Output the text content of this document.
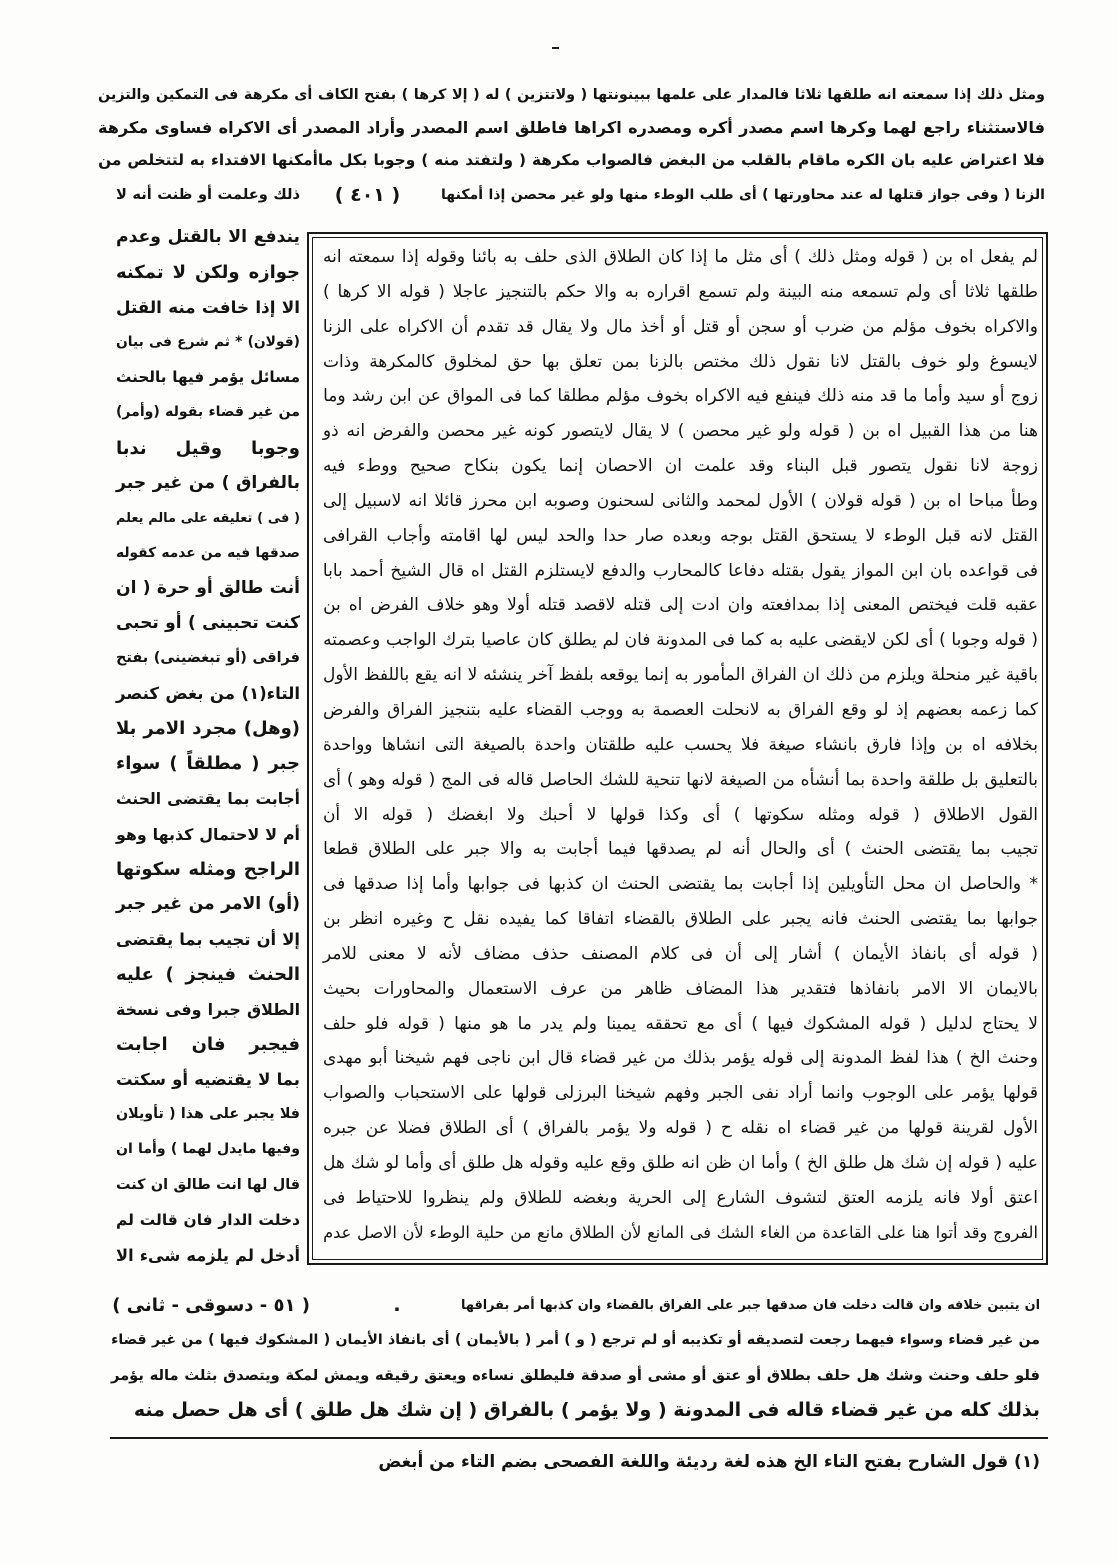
ومثل ذلك إذا سمعته انه طلقها ثلاثا فالمدار على علمها ببينونتها ( ولاتتزين ) له ( إلا كرها ) بفتح الكاف أى مكرهة فى التمكين والتزين
فالاستثناء راجع لهما وكرها اسم مصدر أكره ومصدره اكراها فاطلق اسم المصدر وأراد المصدر أى الاكراه فساوى مكرهة
فلا اعتراض عليه بان الكره ماقام بالقلب من البغض فالصواب مكرهة ( ولتفتد منه ) وجوبا بكل ماأمكنها الافتداء به لتتخلص من
الزنا ( وفى جواز قتلها له عند محاورتها ) أى طلب الوطء منها ولو غير محصن إذا أمكنها
( ٤٠١ )
ذلك وعلمت أو ظنت أنه لا
يندفع الا بالقتل وعدم
جوازه ولكن لا تمكنه
الا إذا خافت منه القتل
(قولان) * ثم شرع فى بيان
مسائل يؤمر فيها بالحنث
من غير قضاء بقوله (وأمر)
وجوبا وقيل ندبا
بالفراق ) من غير جبر
( فى ) تعليقه على مالم يعلم
صدقها فيه من عدمه كقوله
أنت طالق أو حرة ( ان
كنت تحبينى ) أو تحبى
فراقى (أو تبغضينى) بفتح
التاء(١) من بغض كنصر
(وهل) مجرد الامر بلا
جبر ( مطلقاً ) سواء
أجابت بما يقتضى الحنث
أم لا لاحتمال كذبها وهو
الراجح ومثله سكوتها
(أو) الامر من غير جبر
إلا أن تجيب بما يقتضى
الحنث فينجز ) عليه
الطلاق جبرا وفى نسخة
فيجبر فان اجابت
بما لا يقتضيه أو سكتت
فلا يجبر على هذا ( تأويلان
وفيها مايدل لهما ) وأما ان
قال لها انت طالق ان كنت
دخلت الدار فان قالت لم
أدخل لم يلزمه شىء الا
لم يفعل اه بن ( قوله ومثل ذلك ) أى مثل ما إذا كان الطلاق الذى حلف به بائنا وقوله إذا سمعته انه
طلقها ثلاثا أى ولم تسمعه منه البينة ولم تسمع اقراره به والا حكم بالتنجيز عاجلا ( قوله الا كرها )
والاكراه بخوف مؤلم من ضرب أو سجن أو قتل أو أخذ مال ولا يقال قد تقدم أن الاكراه على الزنا
لايسوغ ولو خوف بالقتل لانا نقول ذلك مختص بالزنا بمن تعلق بها حق لمخلوق كالمكرهة وذات
زوج أو سيد وأما ما قد منه ذلك فينفع فيه الاكراه بخوف مؤلم مطلقا كما فى المواق عن ابن رشد وما
هنا من هذا القبيل اه بن ( قوله ولو غير محصن ) لا يقال لايتصور كونه غير محصن والفرض انه ذو
زوجة لانا نقول يتصور قبل البناء وقد علمت ان الاحصان إنما يكون بنكاح صحيح ووطء فيه
وطأ مباحا اه بن ( قوله قولان ) الأول لمحمد والثانى لسحنون وصوبه ابن محرز قائلا انه لاسبيل إلى
القتل لانه قبل الوطء لا يستحق القتل بوجه وبعده صار حدا والحد ليس لها اقامته وأجاب القرافى
فى قواعده بان ابن المواز يقول بقتله دفاعا كالمحارب والدفع لايستلزم القتل اه قال الشيخ أحمد بابا
عقبه قلت فيختص المعنى إذا بمدافعته وان ادت إلى قتله لاقصد قتله أولا وهو خلاف الفرض اه بن
( قوله وجوبا ) أى لكن لايقضى عليه به كما فى المدونة فان لم يطلق كان عاصيا بترك الواجب وعصمته
باقية غير منحلة ويلزم من ذلك ان الفراق المأمور به إنما يوقعه بلفظ آخر ينشئه لا انه يقع باللفظ الأول
كما زعمه بعضهم إذ لو وقع الفراق به لانحلت العصمة به ووجب القضاء عليه بتنجيز الفراق والفرض
بخلافه اه بن وإذا فارق بانشاء صيغة فلا يحسب عليه طلقتان واحدة بالصيغة التى انشاها وواحدة
بالتعليق بل طلقة واحدة بما أنشأه من الصيغة لانها تنحية للشك الحاصل قاله فى المج ( قوله وهو ) أى
القول الاطلاق ( قوله ومثله سكوتها ) أى وكذا قولها لا أحبك ولا ابغضك ( قوله الا أن
تجيب بما يقتضى الحنث ) أى والحال أنه لم يصدقها فيما أجابت به والا جبر على الطلاق قطعا
* والحاصل ان محل التأويلين إذا أجابت بما يقتضى الحنث ان كذبها فى جوابها وأما إذا صدقها فى
جوابها بما يقتضى الحنث فانه يجبر على الطلاق بالقضاء اتفاقا كما يفيده نقل ح وغيره انظر بن
( قوله أى بانفاذ الأيمان ) أشار إلى أن فى كلام المصنف حذف مضاف لأنه لا معنى للامر
بالايمان الا الامر بانفاذها فتقدير هذا المضاف ظاهر من عرف الاستعمال والمحاورات بحيث
لا يحتاج لدليل ( قوله المشكوك فيها ) أى مع تحققه يمينا ولم يدر ما هو منها ( قوله فلو حلف
وحنث الخ ) هذا لفظ المدونة إلى قوله يؤمر بذلك من غير قضاء قال ابن ناجى فهم شيخنا أبو مهدى
قولها يؤمر على الوجوب وانما أراد نفى الجبر وفهم شيخنا البرزلى قولها على الاستحباب والصواب
الأول لقرينة قولها من غير قضاء اه نقله ح ( قوله ولا يؤمر بالفراق ) أى الطلاق فضلا عن جبره
عليه ( قوله إن شك هل طلق الخ ) وأما ان ظن انه طلق وقع عليه وقوله هل طلق أى وأما لو شك هل
اعتق أولا فانه يلزمه العتق لتشوف الشارع إلى الحرية وبغضه للطلاق ولم ينظروا للاحتياط فى
الفروج وقد أتوا هنا على القاعدة من الغاء الشك فى المانع لأن الطلاق مانع من حلية الوطء لأن الاصل عدم
( ٥١ - دسوقى - ثانى )	.	ان يتبين خلافه وان قالت دخلت فان صدقها جبر على الفراق بالقضاء وان كذبها أمر بفراقها
من غير قضاء وسواء فيهما رجعت لتصديقه أو تكذيبه أو لم ترجع ( و ) أمر ( بالأيمان ) أى بانفاذ الأيمان ( المشكوك فيها ) من غير قضاء
فلو حلف وحنث وشك هل حلف بطلاق أو عتق أو مشى أو صدقة فليطلق نساءه ويعتق رقيقه ويمش لمكة ويتصدق بثلث ماله يؤمر
بذلك كله من غير قضاء قاله فى المدونة ( ولا يؤمر ) بالفراق ( إن شك هل طلق ) أى هل حصل منه
(١) قول الشارح بفتح التاء الخ هذه لغة رديئة واللغة الفصحى بضم التاء من أبغض
